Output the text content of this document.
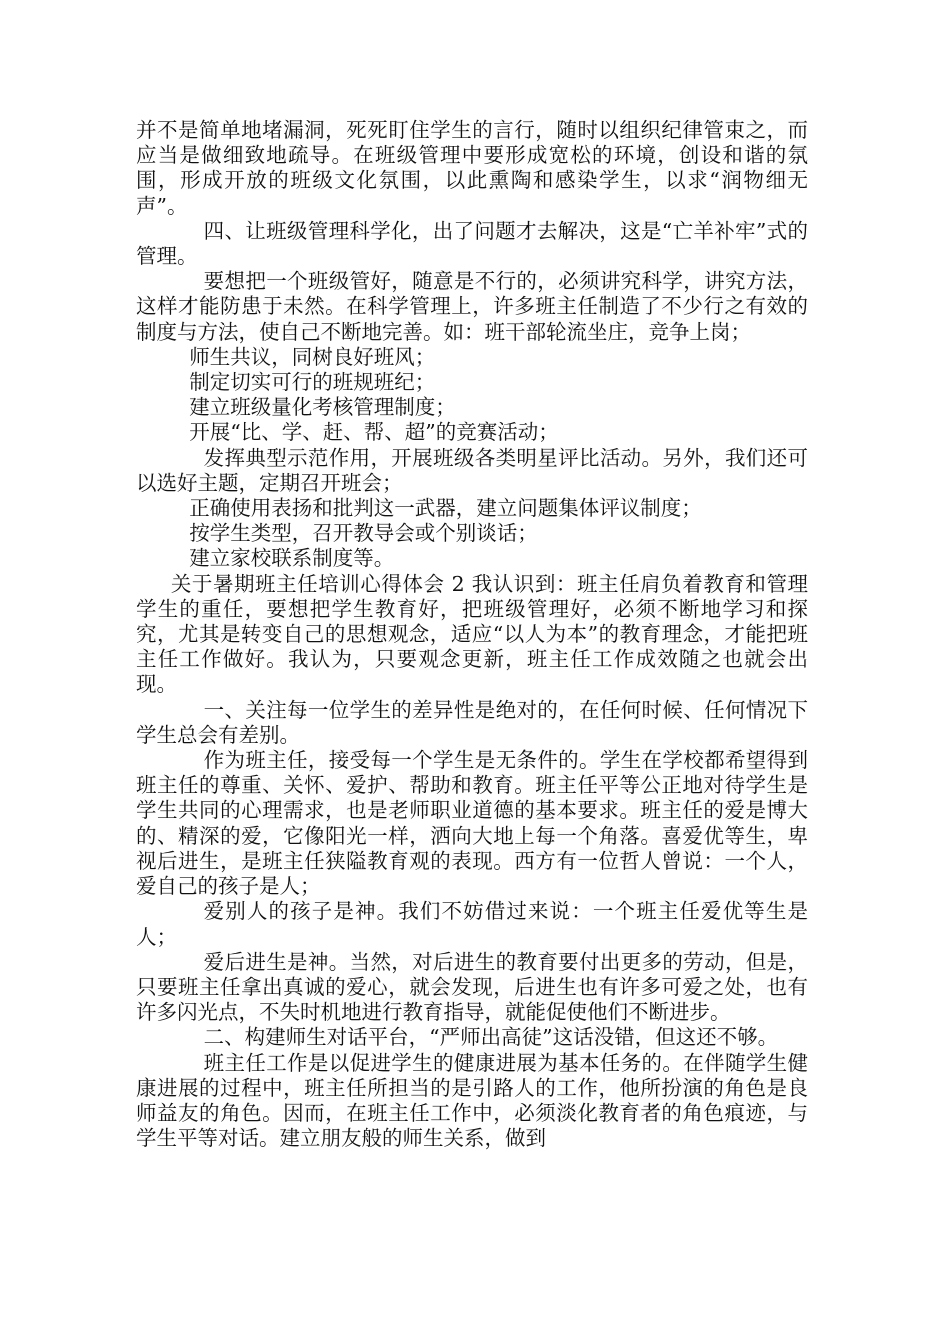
并不是简单地堵漏洞，死死盯住学生的言行，随时以组织纪律管束之，而应当是做细致地疏导。在班级管理中要形成宽松的环境，创设和谐的氛围，形成开放的班级文化氛围，以此熏陶和感染学生，以求“润物细无声”。

四、让班级管理科学化，出了问题才去解决，这是“亡羊补牢”式的管理。

要想把一个班级管好，随意是不行的，必须讲究科学，讲究方法，这样才能防患于未然。在科学管理上，许多班主任制造了不少行之有效的制度与方法，使自己不断地完善。如：班干部轮流坐庄，竞争上岗；

师生共议，同树良好班风；

制定切实可行的班规班纪；

建立班级量化考核管理制度；

开展“比、学、赶、帮、超”的竞赛活动；

发挥典型示范作用，开展班级各类明星评比活动。另外，我们还可以选好主题，定期召开班会；

正确使用表扬和批判这一武器，建立问题集体评议制度；

按学生类型，召开教导会或个别谈话；

建立家校联系制度等。

关于暑期班主任培训心得体会 2 我认识到：班主任肩负着教育和管理学生的重任，要想把学生教育好，把班级管理好，必须不断地学习和探究，尤其是转变自己的思想观念，适应“以人为本”的教育理念，才能把班主任工作做好。我认为，只要观念更新，班主任工作成效随之也就会出现。

一、关注每一位学生的差异性是绝对的，在任何时候、任何情况下学生总会有差别。

作为班主任，接受每一个学生是无条件的。学生在学校都希望得到班主任的尊重、关怀、爱护、帮助和教育。班主任平等公正地对待学生是学生共同的心理需求，也是老师职业道德的基本要求。班主任的爱是博大的、精深的爱，它像阳光一样，洒向大地上每一个角落。喜爱优等生，卑视后进生，是班主任狭隘教育观的表现。西方有一位哲人曾说：一个人，爱自己的孩子是人；

爱别人的孩子是神。我们不妨借过来说：一个班主任爱优等生是人；

爱后进生是神。当然，对后进生的教育要付出更多的劳动，但是，只要班主任拿出真诚的爱心，就会发现，后进生也有许多可爱之处，也有许多闪光点，不失时机地进行教育指导，就能促使他们不断进步。

二、构建师生对话平台，“严师出高徒”这话没错，但这还不够。

班主任工作是以促进学生的健康进展为基本任务的。在伴随学生健康进展的过程中，班主任所担当的是引路人的工作，他所扮演的角色是良师益友的角色。因而，在班主任工作中，必须淡化教育者的角色痕迹，与学生平等对话。建立朋友般的师生关系，做到
